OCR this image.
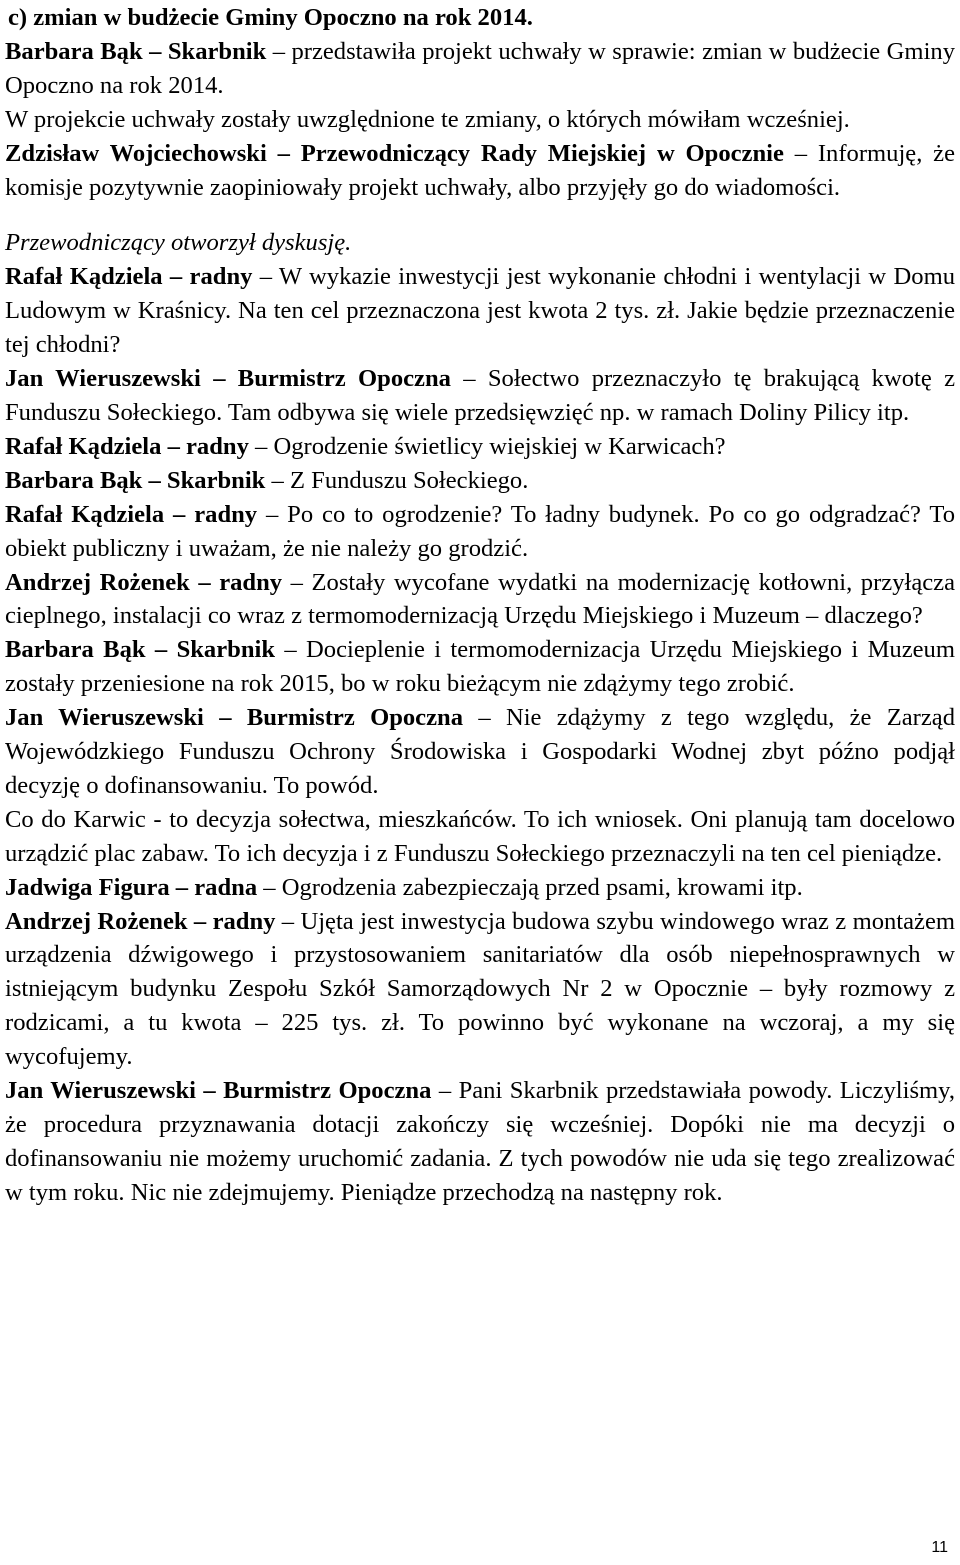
c) zmian w budżecie Gminy Opoczno na rok 2014.
Barbara Bąk – Skarbnik – przedstawiła projekt uchwały w sprawie: zmian w budżecie Gminy Opoczno na rok 2014.
W projekcie uchwały zostały uwzględnione te zmiany, o których mówiłam wcześniej.
Zdzisław Wojciechowski – Przewodniczący Rady Miejskiej w Opocznie – Informuję, że komisje pozytywnie zaopiniowały projekt uchwały, albo przyjęły go do wiadomości.
Przewodniczący otworzył dyskusję.
Rafał Kądziela – radny – W wykazie inwestycji jest wykonanie chłodni i wentylacji w Domu Ludowym w Kraśnicy. Na ten cel przeznaczona jest kwota 2 tys. zł. Jakie będzie przeznaczenie tej chłodni?
Jan Wieruszewski – Burmistrz Opoczna – Sołectwo przeznaczyło tę brakującą kwotę z Funduszu Sołeckiego. Tam odbywa się wiele przedsięwzięć np. w ramach Doliny Pilicy itp.
Rafał Kądziela – radny – Ogrodzenie świetlicy wiejskiej w Karwicach?
Barbara Bąk – Skarbnik – Z Funduszu Sołeckiego.
Rafał Kądziela – radny – Po co to ogrodzenie? To ładny budynek. Po co go odgradzać? To obiekt publiczny i uważam, że nie należy go grodzić.
Andrzej Rożenek – radny – Zostały wycofane wydatki na modernizację kotłowni, przyłącza cieplnego, instalacji co wraz z termomodernizacją Urzędu Miejskiego i Muzeum – dlaczego?
Barbara Bąk – Skarbnik – Docieplenie i termomodernizacja Urzędu Miejskiego i Muzeum zostały przeniesione na rok 2015, bo w roku bieżącym nie zdążymy tego zrobić.
Jan Wieruszewski – Burmistrz Opoczna – Nie zdążymy z tego względu, że Zarząd Wojewódzkiego Funduszu Ochrony Środowiska i Gospodarki Wodnej zbyt późno podjął decyzję o dofinansowaniu. To powód.
Co do Karwic - to decyzja sołectwa, mieszkańców. To ich wniosek. Oni planują tam docelowo urządzić plac zabaw. To ich decyzja i z Funduszu Sołeckiego przeznaczyli na ten cel pieniądze.
Jadwiga Figura – radna – Ogrodzenia zabezpieczają przed psami, krowami itp.
Andrzej Rożenek – radny – Ujęta jest inwestycja budowa szybu windowego wraz z montażem urządzenia dźwigowego i przystosowaniem sanitariatów dla osób niepełnosprawnych w istniejącym budynku Zespołu Szkół Samorządowych Nr 2 w Opocznie – były rozmowy z rodzicami, a tu kwota – 225 tys. zł. To powinno być wykonane na wczoraj, a my się wycofujemy.
Jan Wieruszewski – Burmistrz Opoczna – Pani Skarbnik przedstawiała powody. Liczyliśmy, że procedura przyznawania dotacji zakończy się wcześniej. Dopóki nie ma decyzji o dofinansowaniu nie możemy uruchomić zadania. Z tych powodów nie uda się tego zrealizować w tym roku. Nic nie zdejmujemy. Pieniądze przechodzą na następny rok.
11
